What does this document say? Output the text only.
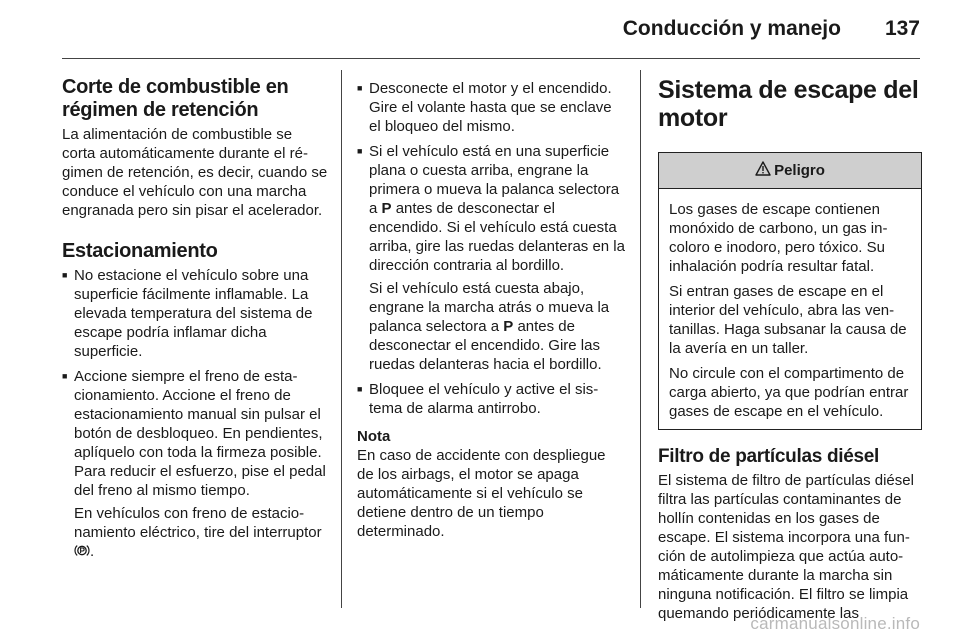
Conducción y manejo 137
Corte de combustible en régimen de retención

La alimentación de combustible se corta automáticamente durante el régimen de retención, es decir, cuando se conduce el vehículo con una marcha engranada pero sin pisar el acelerador.

Estacionamiento

■ No estacione el vehículo sobre una superficie fácilmente inflamable. La elevada temperatura del sistema de escape podría inflamar dicha superficie.

■ Accione siempre el freno de estacionamiento. Accione el freno de estacionamiento manual sin pulsar el botón de desbloqueo. En pendientes, aplíquelo con toda la firmeza posible. Para reducir el esfuerzo, pise el pedal del freno al mismo tiempo.

En vehículos con freno de estacionamiento eléctrico, tire del interruptor .

■ Desconecte el motor y el encendido. Gire el volante hasta que se enclave el bloqueo del mismo.

■ Si el vehículo está en una superficie plana o cuesta arriba, engrane la primera o mueva la palanca selectora a P antes de desconectar el encendido. Si el vehículo está cuesta arriba, gire las ruedas delanteras en la dirección contraria al bordillo.

Si el vehículo está cuesta abajo, engrane la marcha atrás o mueva la palanca selectora a P antes de desconectar el encendido. Gire las ruedas delanteras hacia el bordillo.

■ Bloquee el vehículo y active el sistema de alarma antirrobo.

Nota

En caso de accidente con despliegue de los airbags, el motor se apaga automáticamente si el vehículo se detiene dentro de un tiempo determinado.

Sistema de escape del motor
Peligro

Los gases de escape contienen monóxido de carbono, un gas incoloro e inodoro, pero tóxico. Su inhalación podría resultar fatal.

Si entran gases de escape en el interior del vehículo, abra las ventanillas. Haga subsanar la causa de la avería en un taller.

No circule con el compartimento de carga abierto, ya que podrían entrar gases de escape en el vehículo.

Filtro de partículas diésel

El sistema de filtro de partículas diésel filtra las partículas contaminantes de hollín contenidas en los gases de escape. El sistema incorpora una función de autolimpieza que actúa automáticamente durante la marcha sin ninguna notificación. El filtro se limpia quemando periódicamente las

carmanualsonline.info
